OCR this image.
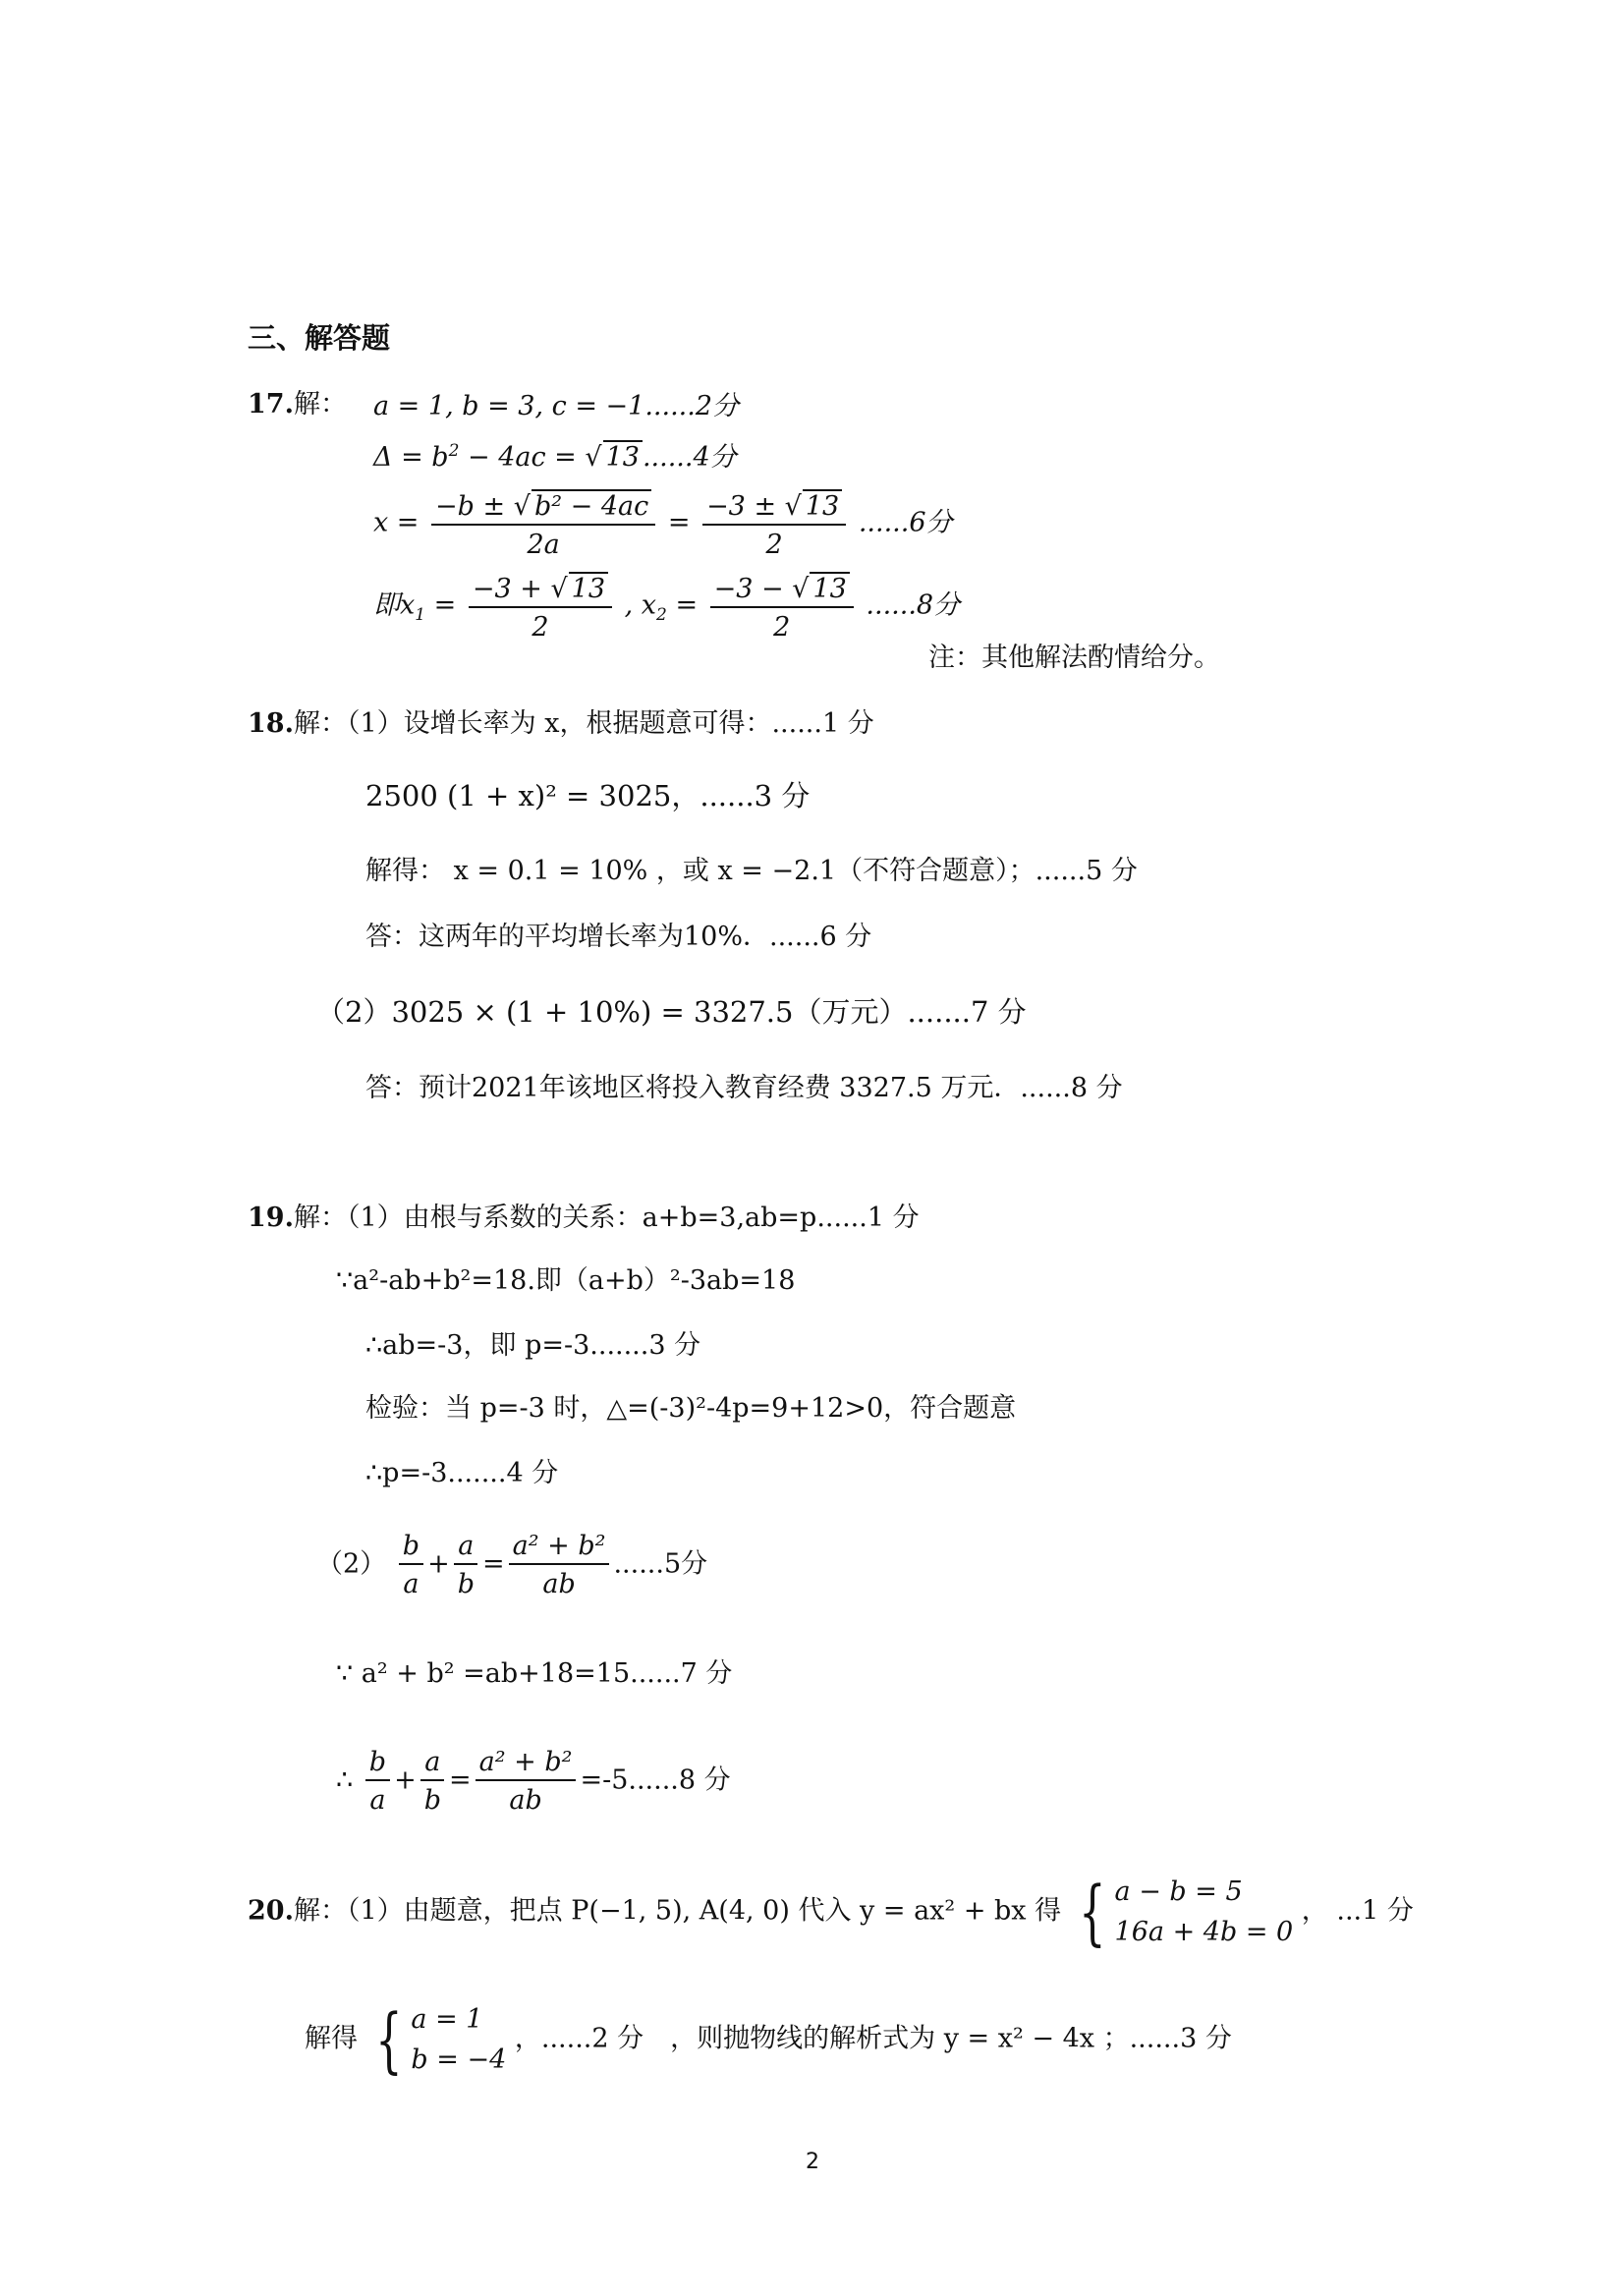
三、解答题
17.解： a = 1, b = 3, c = −1......2分
$\Delta = b^2 - 4ac$ = √ 13 ......4分
$x = \frac{\text{−b ± √ b² − 4ac}}{2a} = \frac{-3 \pm √ 13}{2} ......6$分
即$x_1 = \frac{-3 + √ 13}{2}$ , $x_2 = \frac{-3 - √ 13}{2} ......8$分
注：其他解法酌情给分。
18.解：（1）设增长率为 x，根据题意可得：......1 分
2500 (1 + x)² = 3025，......3 分
解得： x = 0.1 = 10% ，或 x = −2.1（不符合题意）；......5 分
答：这两年的平均增长率为10%．......6 分
（2）3025 × (1 + 10%) = 3327.5（万元）.......7 分
答：预计2021年该地区将投入教育经费 3327.5 万元．......8 分
19.解：（1）由根与系数的关系：a+b=3,ab=p......1 分
∵a²-ab+b²=18.即（a+b）²-3ab=18
∴ab=-3，即 p=-3.......3 分
检验：当 p=-3 时，△=(-3)²-4p=9+12>0，符合题意
∴p=-3.......4 分
$(2) \frac{b}{a} + \frac{a}{b} = \frac{\text{a² + b²}}{ab} ......5$分
∵ a² + b² =ab+18=15......7 分
∴ $\frac{b}{a} + \frac{a}{b} = \frac{\text{a² + b²}}{ab} =-5......8$ 分
20.解：（1）由题意，把点 P(−1, 5), A(4, 0) 代入 y = ax² + bx 得 { a − b = 5
16a + 4b = 0
， ...1 分
解得 { a = 1
b = −4
，......2 分　，则抛物线的解析式为 y = x² − 4x ；......3 分
2
